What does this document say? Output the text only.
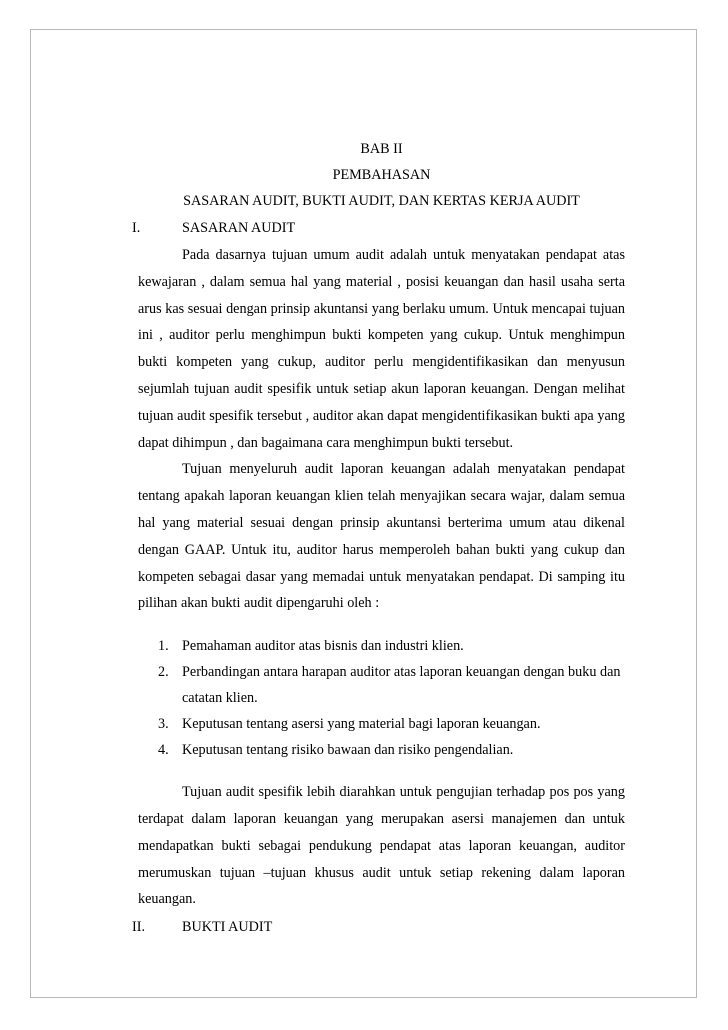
BAB II
PEMBAHASAN
SASARAN AUDIT, BUKTI AUDIT, DAN KERTAS KERJA AUDIT
I.	SASARAN AUDIT

Pada dasarnya tujuan umum audit adalah untuk menyatakan pendapat atas kewajaran , dalam semua hal yang material , posisi keuangan dan hasil usaha serta arus kas sesuai dengan prinsip akuntansi yang berlaku umum. Untuk mencapai tujuan ini , auditor perlu menghimpun bukti kompeten yang cukup. Untuk menghimpun bukti kompeten yang cukup, auditor perlu mengidentifikasikan dan menyusun sejumlah tujuan audit spesifik untuk setiap akun laporan keuangan. Dengan melihat tujuan audit spesifik tersebut , auditor akan dapat mengidentifikasikan bukti apa yang dapat dihimpun , dan bagaimana cara menghimpun bukti tersebut.

Tujuan menyeluruh audit laporan keuangan adalah menyatakan pendapat tentang apakah laporan keuangan klien telah menyajikan secara wajar, dalam semua hal yang material sesuai dengan prinsip akuntansi berterima umum atau dikenal dengan GAAP. Untuk itu, auditor harus memperoleh bahan bukti yang cukup dan kompeten sebagai dasar yang memadai untuk menyatakan pendapat. Di samping itu pilihan akan bukti audit dipengaruhi oleh :

1. Pemahaman auditor atas bisnis dan industri klien.
2. Perbandingan antara harapan auditor atas laporan keuangan dengan buku dan catatan klien.
3. Keputusan tentang asersi yang material bagi laporan keuangan.
4. Keputusan tentang risiko bawaan dan risiko pengendalian.

Tujuan audit spesifik lebih diarahkan untuk pengujian terhadap pos pos yang terdapat dalam laporan keuangan yang merupakan asersi manajemen dan untuk mendapatkan bukti sebagai pendukung pendapat atas laporan keuangan, auditor merumuskan tujuan –tujuan khusus audit untuk setiap rekening dalam laporan keuangan.

II.	BUKTI AUDIT
